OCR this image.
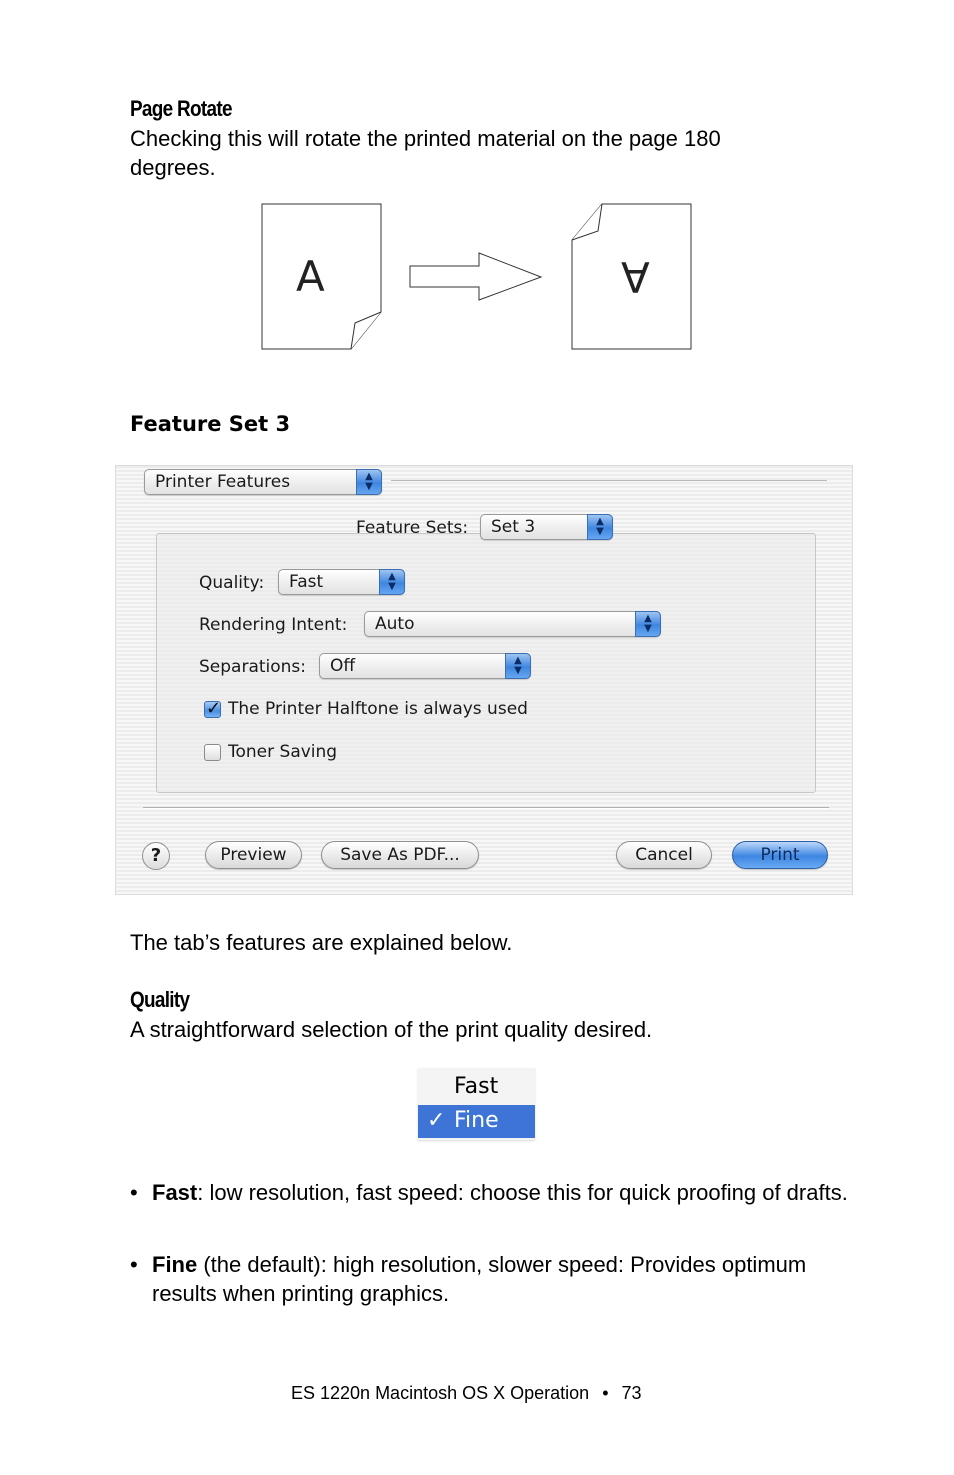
Page Rotate
Checking this will rotate the printed material on the page 180 degrees.
A	A
Feature Set 3
Printer Features	▲
▼
Feature Sets: Set 3	▲
▼
Quality: Fast	▲
▼
Rendering Intent: Auto	▲
▼
Separations: Off	▲
▼
✓ The Printer Halftone is always used
Toner Saving
?	Preview	Save As PDF...	Cancel	Print
The tab’s features are explained below.
Quality
A straightforward selection of the print quality desired.
Fast
✓ Fine
• Fast: low resolution, fast speed: choose this for quick proofing of drafts.
• Fine (the default): high resolution, slower speed: Provides optimum results when printing graphics.
ES 1220n Macintosh OS X Operation • 73
